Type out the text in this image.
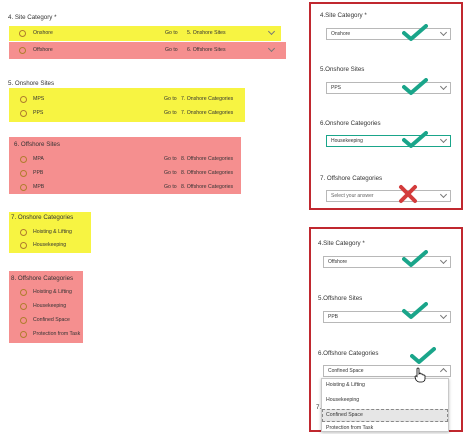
4. Site Category *
Onshore	Go to 5. Onshore Sites
Offshore	Go to 6. Offshore Sites
5. Onshore Sites
MPS	Go to 7. Onshore Categories
PPS	Go to 7. Onshore Categories
6. Offshore Sites
MPA	Go to 8. Offshore Categories
PPB	Go to 8. Offshore Categories
MPB	Go to 8. Offshore Categories
7. Onshore Categories
Hoisting & Lifting
Housekeeping
8. Offshore Categories
Hoisting & Lifting
Housekeeping
Confined Space
Protection from Task
4.Site Category *
Onshore
5.Onshore Sites
PPS
6.Onshore Categories
Housekeeping
7. Offshore Categories
Select your answer
4.Site Category *
Offshore
5.Offshore Sites
PPB
6.Offshore Categories
Confined Space
7.
Hoisting & Lifting
Housekeeping
Confined Space
Protection from Task
